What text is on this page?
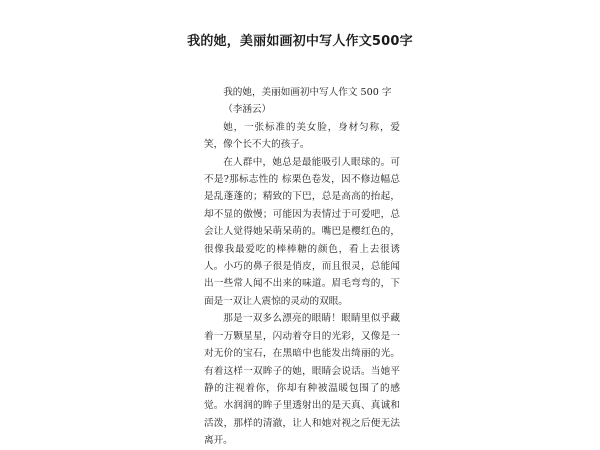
我的她，美丽如画初中写人作文500字

我的她，美丽如画初中写人作文 500 字

（李涵云）

她，一张标准的美女脸，身材匀称，爱笑，像个长不大的孩子。

在人群中，她总是最能吸引人眼球的。可不是?那标志性的 棕栗色卷发，因不修边幅总是乱蓬蓬的；精致的下巴，总是高高的抬起，却不显的傲慢；可能因为表情过于可爱吧，总会让人觉得她呆萌呆萌的。嘴巴是樱红色的，很像我最爱吃的棒棒糖的颜色，看上去很诱人。小巧的鼻子很是俏皮，而且很灵，总能闻出一些常人闻不出来的味道。眉毛弯弯的，下面是一双让人震惊的灵动的双眼。

那是一双多么漂亮的眼睛！眼睛里似乎藏着一万颗星星，闪动着夺目的光彩，又像是一对无价的宝石，在黑暗中也能发出绮丽的光。有着这样一双眸子的她，眼睛会说话。当她平静的注视着你，你却有种被温暖包围了的感觉。水润润的眸子里透射出的是天真、真诚和活泼，那样的清澈，让人和她对视之后便无法离开。
